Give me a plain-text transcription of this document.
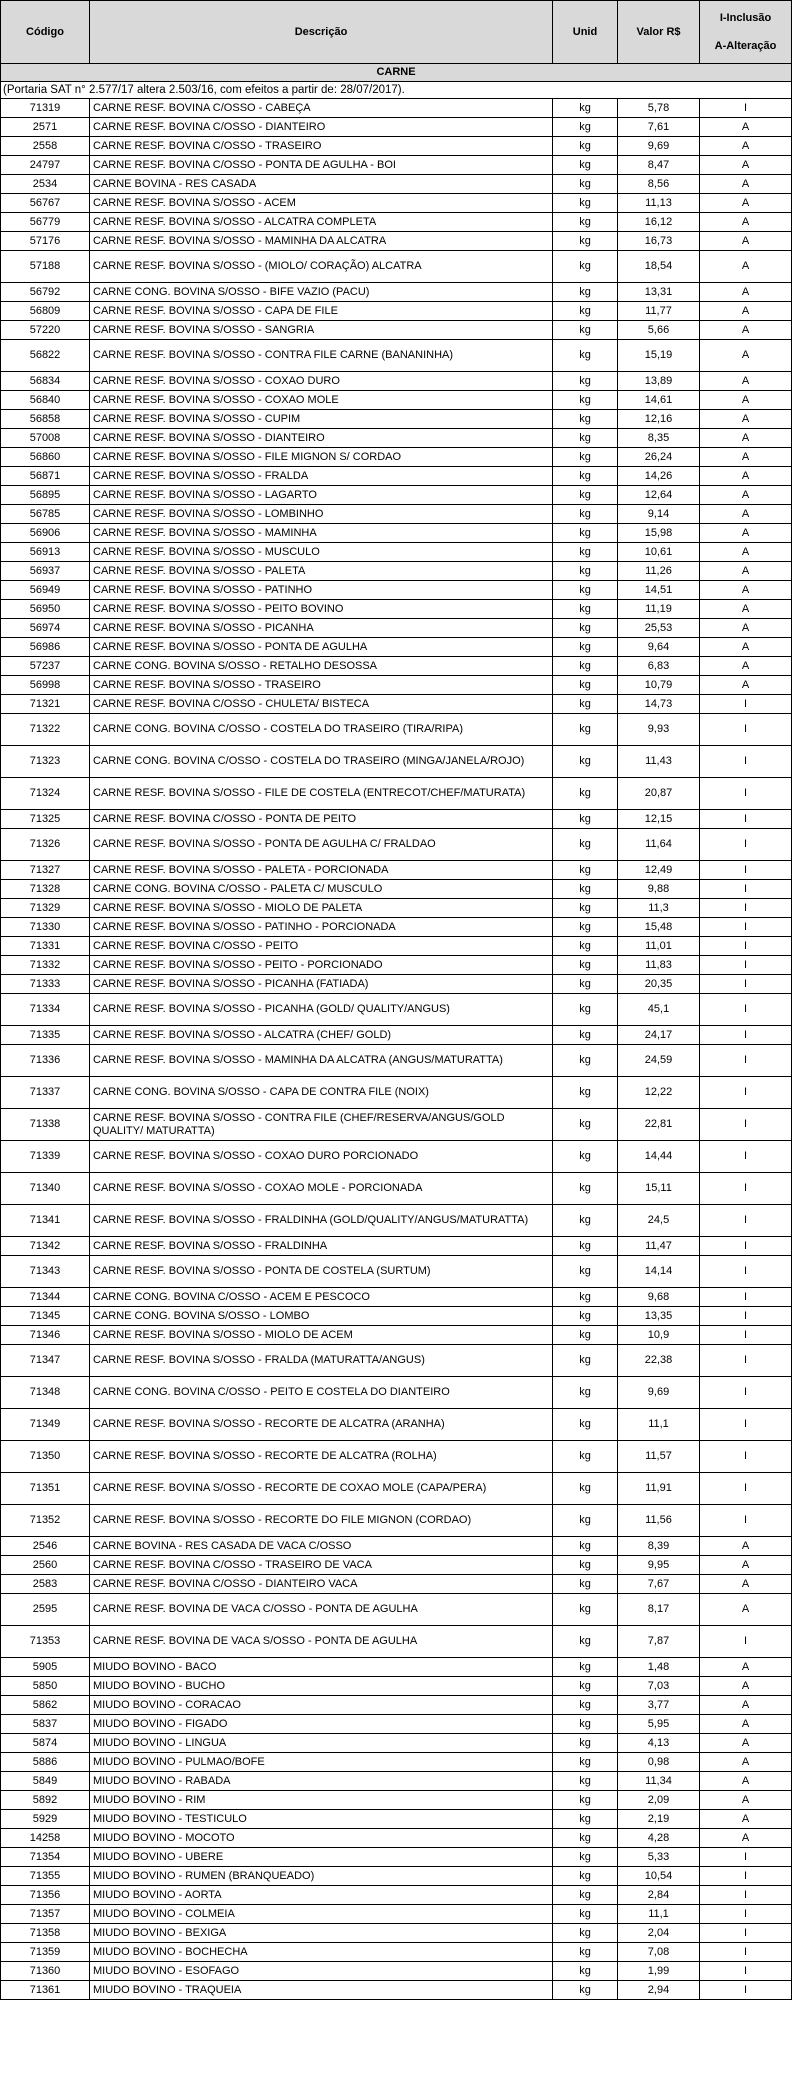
Código	Descrição	Unid	Valor R$	I-Inclusão
A-Alteração

CARNE				
(Portaria SAT n° 2.577/17 altera 2.503/16, com efeitos a partir de: 28/07/2017).				
71319	CARNE RESF. BOVINA C/OSSO - CABEÇA	kg	5,78	I
2571	CARNE RESF. BOVINA C/OSSO - DIANTEIRO	kg	7,61	A
2558	CARNE RESF. BOVINA C/OSSO - TRASEIRO	kg	9,69	A
24797	CARNE RESF. BOVINA C/OSSO - PONTA DE AGULHA - BOI	kg	8,47	A
2534	CARNE BOVINA - RES CASADA	kg	8,56	A
56767	CARNE RESF. BOVINA S/OSSO - ACEM	kg	11,13	A
56779	CARNE RESF. BOVINA S/OSSO - ALCATRA COMPLETA	kg	16,12	A
57176	CARNE RESF. BOVINA S/OSSO - MAMINHA DA ALCATRA	kg	16,73	A
57188	CARNE RESF. BOVINA S/OSSO - (MIOLO/ CORAÇÃO) ALCATRA	kg	18,54	A
56792	CARNE CONG. BOVINA S/OSSO - BIFE VAZIO (PACU)	kg	13,31	A
56809	CARNE RESF. BOVINA S/OSSO - CAPA DE FILE	kg	11,77	A
57220	CARNE RESF. BOVINA S/OSSO - SANGRIA	kg	5,66	A
56822	CARNE RESF. BOVINA S/OSSO - CONTRA FILE CARNE (BANANINHA)	kg	15,19	A
56834	CARNE RESF. BOVINA S/OSSO - COXAO DURO	kg	13,89	A
56840	CARNE RESF. BOVINA S/OSSO - COXAO MOLE	kg	14,61	A
56858	CARNE RESF. BOVINA S/OSSO - CUPIM	kg	12,16	A
57008	CARNE RESF. BOVINA S/OSSO - DIANTEIRO	kg	8,35	A
56860	CARNE RESF. BOVINA S/OSSO - FILE MIGNON S/ CORDAO	kg	26,24	A
56871	CARNE RESF. BOVINA S/OSSO - FRALDA	kg	14,26	A
56895	CARNE RESF. BOVINA S/OSSO - LAGARTO	kg	12,64	A
56785	CARNE RESF. BOVINA S/OSSO - LOMBINHO	kg	9,14	A
56906	CARNE RESF. BOVINA S/OSSO - MAMINHA	kg	15,98	A
56913	CARNE RESF. BOVINA S/OSSO - MUSCULO	kg	10,61	A
56937	CARNE RESF. BOVINA S/OSSO - PALETA	kg	11,26	A
56949	CARNE RESF. BOVINA S/OSSO - PATINHO	kg	14,51	A
56950	CARNE RESF. BOVINA S/OSSO - PEITO BOVINO	kg	11,19	A
56974	CARNE RESF. BOVINA S/OSSO - PICANHA	kg	25,53	A
56986	CARNE RESF. BOVINA S/OSSO - PONTA DE AGULHA	kg	9,64	A
57237	CARNE CONG. BOVINA S/OSSO - RETALHO DESOSSA	kg	6,83	A
56998	CARNE RESF. BOVINA S/OSSO - TRASEIRO	kg	10,79	A
71321	CARNE RESF. BOVINA C/OSSO - CHULETA/ BISTECA	kg	14,73	I
71322	CARNE CONG. BOVINA C/OSSO - COSTELA DO TRASEIRO (TIRA/RIPA)	kg	9,93	I
71323	CARNE CONG. BOVINA C/OSSO - COSTELA DO TRASEIRO (MINGA/JANELA/ROJO)	kg	11,43	I
71324	CARNE RESF. BOVINA S/OSSO - FILE DE COSTELA (ENTRECOT/CHEF/MATURATA)	kg	20,87	I
71325	CARNE RESF. BOVINA C/OSSO - PONTA DE PEITO	kg	12,15	I
71326	CARNE RESF. BOVINA S/OSSO - PONTA DE AGULHA C/ FRALDAO	kg	11,64	I
71327	CARNE RESF. BOVINA S/OSSO - PALETA - PORCIONADA	kg	12,49	I
71328	CARNE CONG. BOVINA C/OSSO - PALETA C/ MUSCULO	kg	9,88	I
71329	CARNE RESF. BOVINA S/OSSO - MIOLO DE PALETA	kg	11,3	I
71330	CARNE RESF. BOVINA S/OSSO - PATINHO - PORCIONADA	kg	15,48	I
71331	CARNE RESF. BOVINA C/OSSO - PEITO	kg	11,01	I
71332	CARNE RESF. BOVINA S/OSSO - PEITO - PORCIONADO	kg	11,83	I
71333	CARNE RESF. BOVINA S/OSSO - PICANHA (FATIADA)	kg	20,35	I
71334	CARNE RESF. BOVINA S/OSSO - PICANHA (GOLD/ QUALITY/ANGUS)	kg	45,1	I
71335	CARNE RESF. BOVINA S/OSSO - ALCATRA (CHEF/ GOLD)	kg	24,17	I
71336	CARNE RESF. BOVINA S/OSSO - MAMINHA DA ALCATRA (ANGUS/MATURATTA)	kg	24,59	I
71337	CARNE CONG. BOVINA S/OSSO - CAPA DE CONTRA FILE (NOIX)	kg	12,22	I
71338	CARNE RESF. BOVINA S/OSSO - CONTRA FILE (CHEF/RESERVA/ANGUS/GOLD QUALITY/ MATURATTA)	kg	22,81	I
71339	CARNE RESF. BOVINA S/OSSO - COXAO DURO PORCIONADO	kg	14,44	I
71340	CARNE RESF. BOVINA S/OSSO - COXAO MOLE - PORCIONADA	kg	15,11	I
71341	CARNE RESF. BOVINA S/OSSO - FRALDINHA (GOLD/QUALITY/ANGUS/MATURATTA)	kg	24,5	I
71342	CARNE RESF. BOVINA S/OSSO - FRALDINHA	kg	11,47	I
71343	CARNE RESF. BOVINA S/OSSO - PONTA DE COSTELA (SURTUM)	kg	14,14	I
71344	CARNE CONG. BOVINA C/OSSO - ACEM E PESCOCO	kg	9,68	I
71345	CARNE CONG. BOVINA S/OSSO - LOMBO	kg	13,35	I
71346	CARNE RESF. BOVINA S/OSSO - MIOLO DE ACEM	kg	10,9	I
71347	CARNE RESF. BOVINA S/OSSO - FRALDA (MATURATTA/ANGUS)	kg	22,38	I
71348	CARNE CONG. BOVINA C/OSSO - PEITO E COSTELA DO DIANTEIRO	kg	9,69	I
71349	CARNE RESF. BOVINA S/OSSO - RECORTE DE ALCATRA (ARANHA)	kg	11,1	I
71350	CARNE RESF. BOVINA S/OSSO - RECORTE DE ALCATRA (ROLHA)	kg	11,57	I
71351	CARNE RESF. BOVINA S/OSSO - RECORTE DE COXAO MOLE (CAPA/PERA)	kg	11,91	I
71352	CARNE RESF. BOVINA S/OSSO - RECORTE DO FILE MIGNON (CORDAO)	kg	11,56	I
2546	CARNE BOVINA - RES CASADA DE VACA C/OSSO	kg	8,39	A
2560	CARNE RESF. BOVINA C/OSSO - TRASEIRO DE VACA	kg	9,95	A
2583	CARNE RESF. BOVINA C/OSSO - DIANTEIRO VACA	kg	7,67	A
2595	CARNE RESF. BOVINA DE VACA C/OSSO - PONTA DE AGULHA	kg	8,17	A
71353	CARNE RESF. BOVINA DE VACA S/OSSO - PONTA DE AGULHA	kg	7,87	I
5905	MIUDO BOVINO - BACO	kg	1,48	A
5850	MIUDO BOVINO - BUCHO	kg	7,03	A
5862	MIUDO BOVINO - CORACAO	kg	3,77	A
5837	MIUDO BOVINO - FIGADO	kg	5,95	A
5874	MIUDO BOVINO - LINGUA	kg	4,13	A
5886	MIUDO BOVINO - PULMAO/BOFE	kg	0,98	A
5849	MIUDO BOVINO - RABADA	kg	11,34	A
5892	MIUDO BOVINO - RIM	kg	2,09	A
5929	MIUDO BOVINO - TESTICULO	kg	2,19	A
14258	MIUDO BOVINO - MOCOTO	kg	4,28	A
71354	MIUDO BOVINO - UBERE	kg	5,33	I
71355	MIUDO BOVINO - RUMEN (BRANQUEADO)	kg	10,54	I
71356	MIUDO BOVINO - AORTA	kg	2,84	I
71357	MIUDO BOVINO - COLMEIA	kg	11,1	I
71358	MIUDO BOVINO - BEXIGA	kg	2,04	I
71359	MIUDO BOVINO - BOCHECHA	kg	7,08	I
71360	MIUDO BOVINO - ESOFAGO	kg	1,99	I
71361	MIUDO BOVINO - TRAQUEIA	kg	2,94	I
